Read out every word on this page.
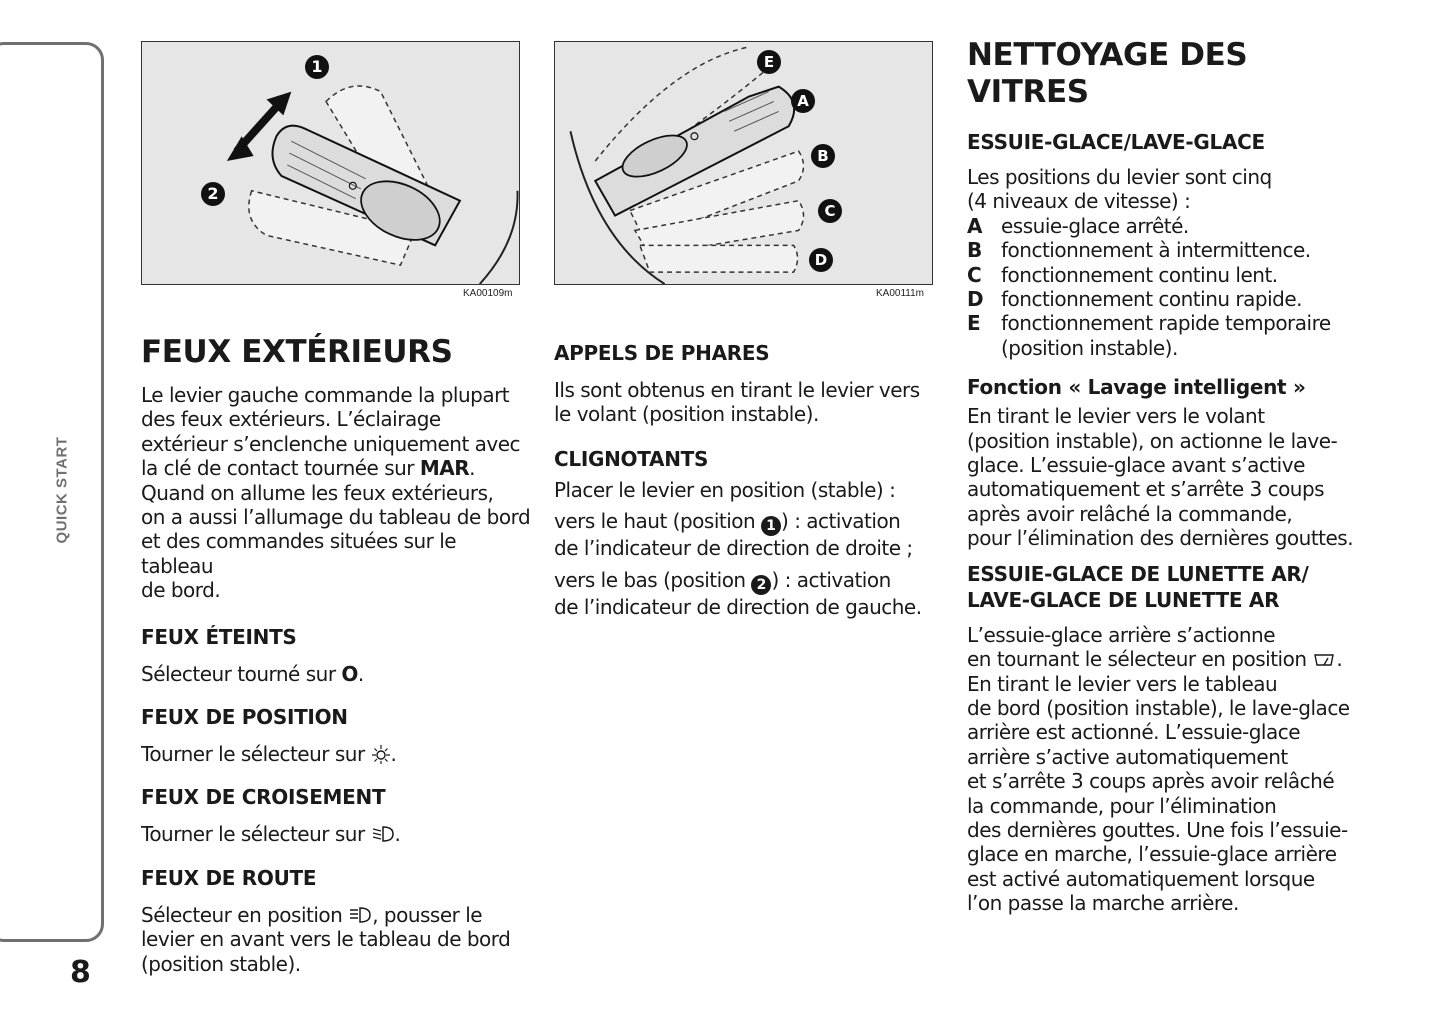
QUICK START
8
1
2
KA00109m
E
A
B
C
D
KA00111m
FEUX EXTÉRIEURS

Le levier gauche commande la plupart

des feux extérieurs. L’éclairage

extérieur s’enclenche uniquement avec

la clé de contact tournée sur MAR.

Quand on allume les feux extérieurs,

on a aussi l’allumage du tableau de bord

et des commandes situées sur le tableau

de bord.

FEUX ÉTEINTS

Sélecteur tourné sur O.

FEUX DE POSITION

Tourner le sélecteur sur .

FEUX DE CROISEMENT

Tourner le sélecteur sur .

FEUX DE ROUTE

Sélecteur en position , pousser le

levier en avant vers le tableau de bord

(position stable).

APPELS DE PHARES

Ils sont obtenus en tirant le levier vers

le volant (position instable).

CLIGNOTANTS

Placer le levier en position (stable) :

vers le haut (position 1 ) : activation

de l’indicateur de direction de droite ;

vers le bas (position 2 ) : activation

de l’indicateur de direction de gauche.

NETTOYAGE DES
VITRES
ESSUIE-GLACE/LAVE-GLACE

Les positions du levier sont cinq

(4 niveaux de vitesse) :

A essuie-glace arrêté.
B fonctionnement à intermittence.
C fonctionnement continu lent.
D fonctionnement continu rapide.
E	fonctionnement rapide temporaire
(position instable).
Fonction « Lavage intelligent »

En tirant le levier vers le volant

(position instable), on actionne le lave-

glace. L’essuie-glace avant s’active

automatiquement et s’arrête 3 coups

après avoir relâché la commande,

pour l’élimination des dernières gouttes.

ESSUIE-GLACE DE LUNETTE AR/
LAVE-GLACE DE LUNETTE AR

L’essuie-glace arrière s’actionne

en tournant le sélecteur en position .

En tirant le levier vers le tableau

de bord (position instable), le lave-glace

arrière est actionné. L’essuie-glace

arrière s’active automatiquement

et s’arrête 3 coups après avoir relâché

la commande, pour l’élimination

des dernières gouttes. Une fois l’essuie-

glace en marche, l’essuie-glace arrière

est activé automatiquement lorsque

l’on passe la marche arrière.
